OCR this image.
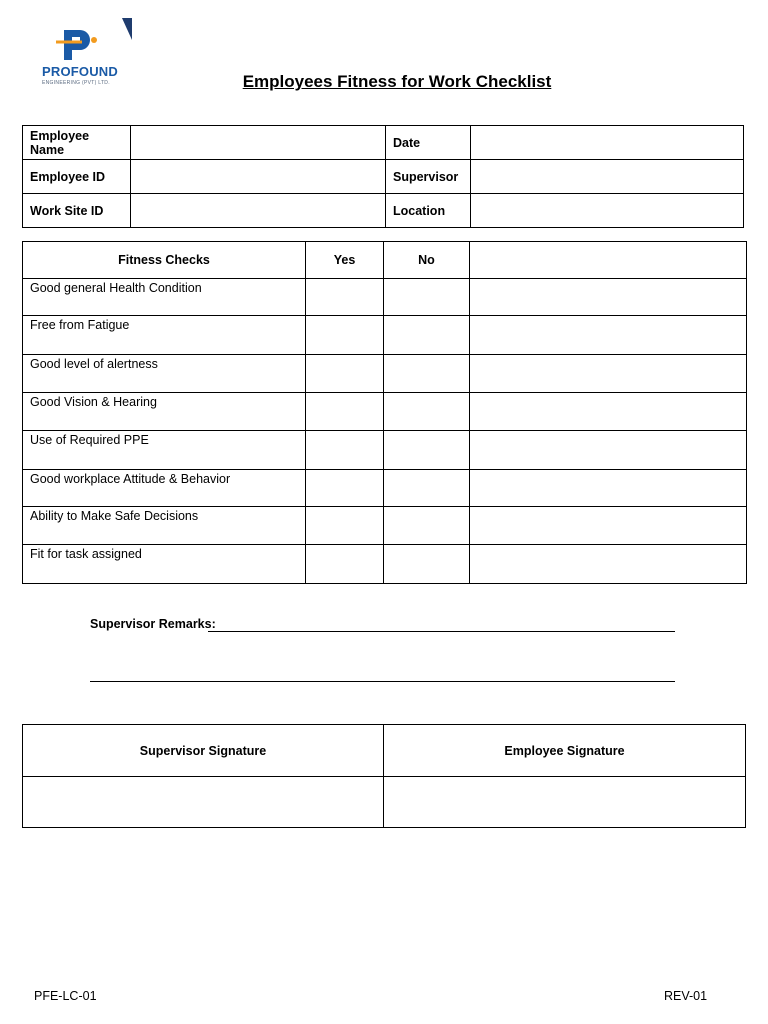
PROFOUND
ENGINEERING (PVT) LTD.	Employees Fitness for Work Checklist
Employee Name		Date	
Employee ID		Supervisor	
Work Site ID		Location	
Fitness Checks	Yes	No	
Good general Health Condition			
Free from Fatigue			
Good level of alertness			
Good Vision & Hearing			
Use of Required PPE			
Good workplace Attitude & Behavior			
Ability to Make Safe Decisions			
Fit for task assigned			
Supervisor Remarks:
Supervisor Signature	Employee Signature

PFE-LC-01	REV-01
